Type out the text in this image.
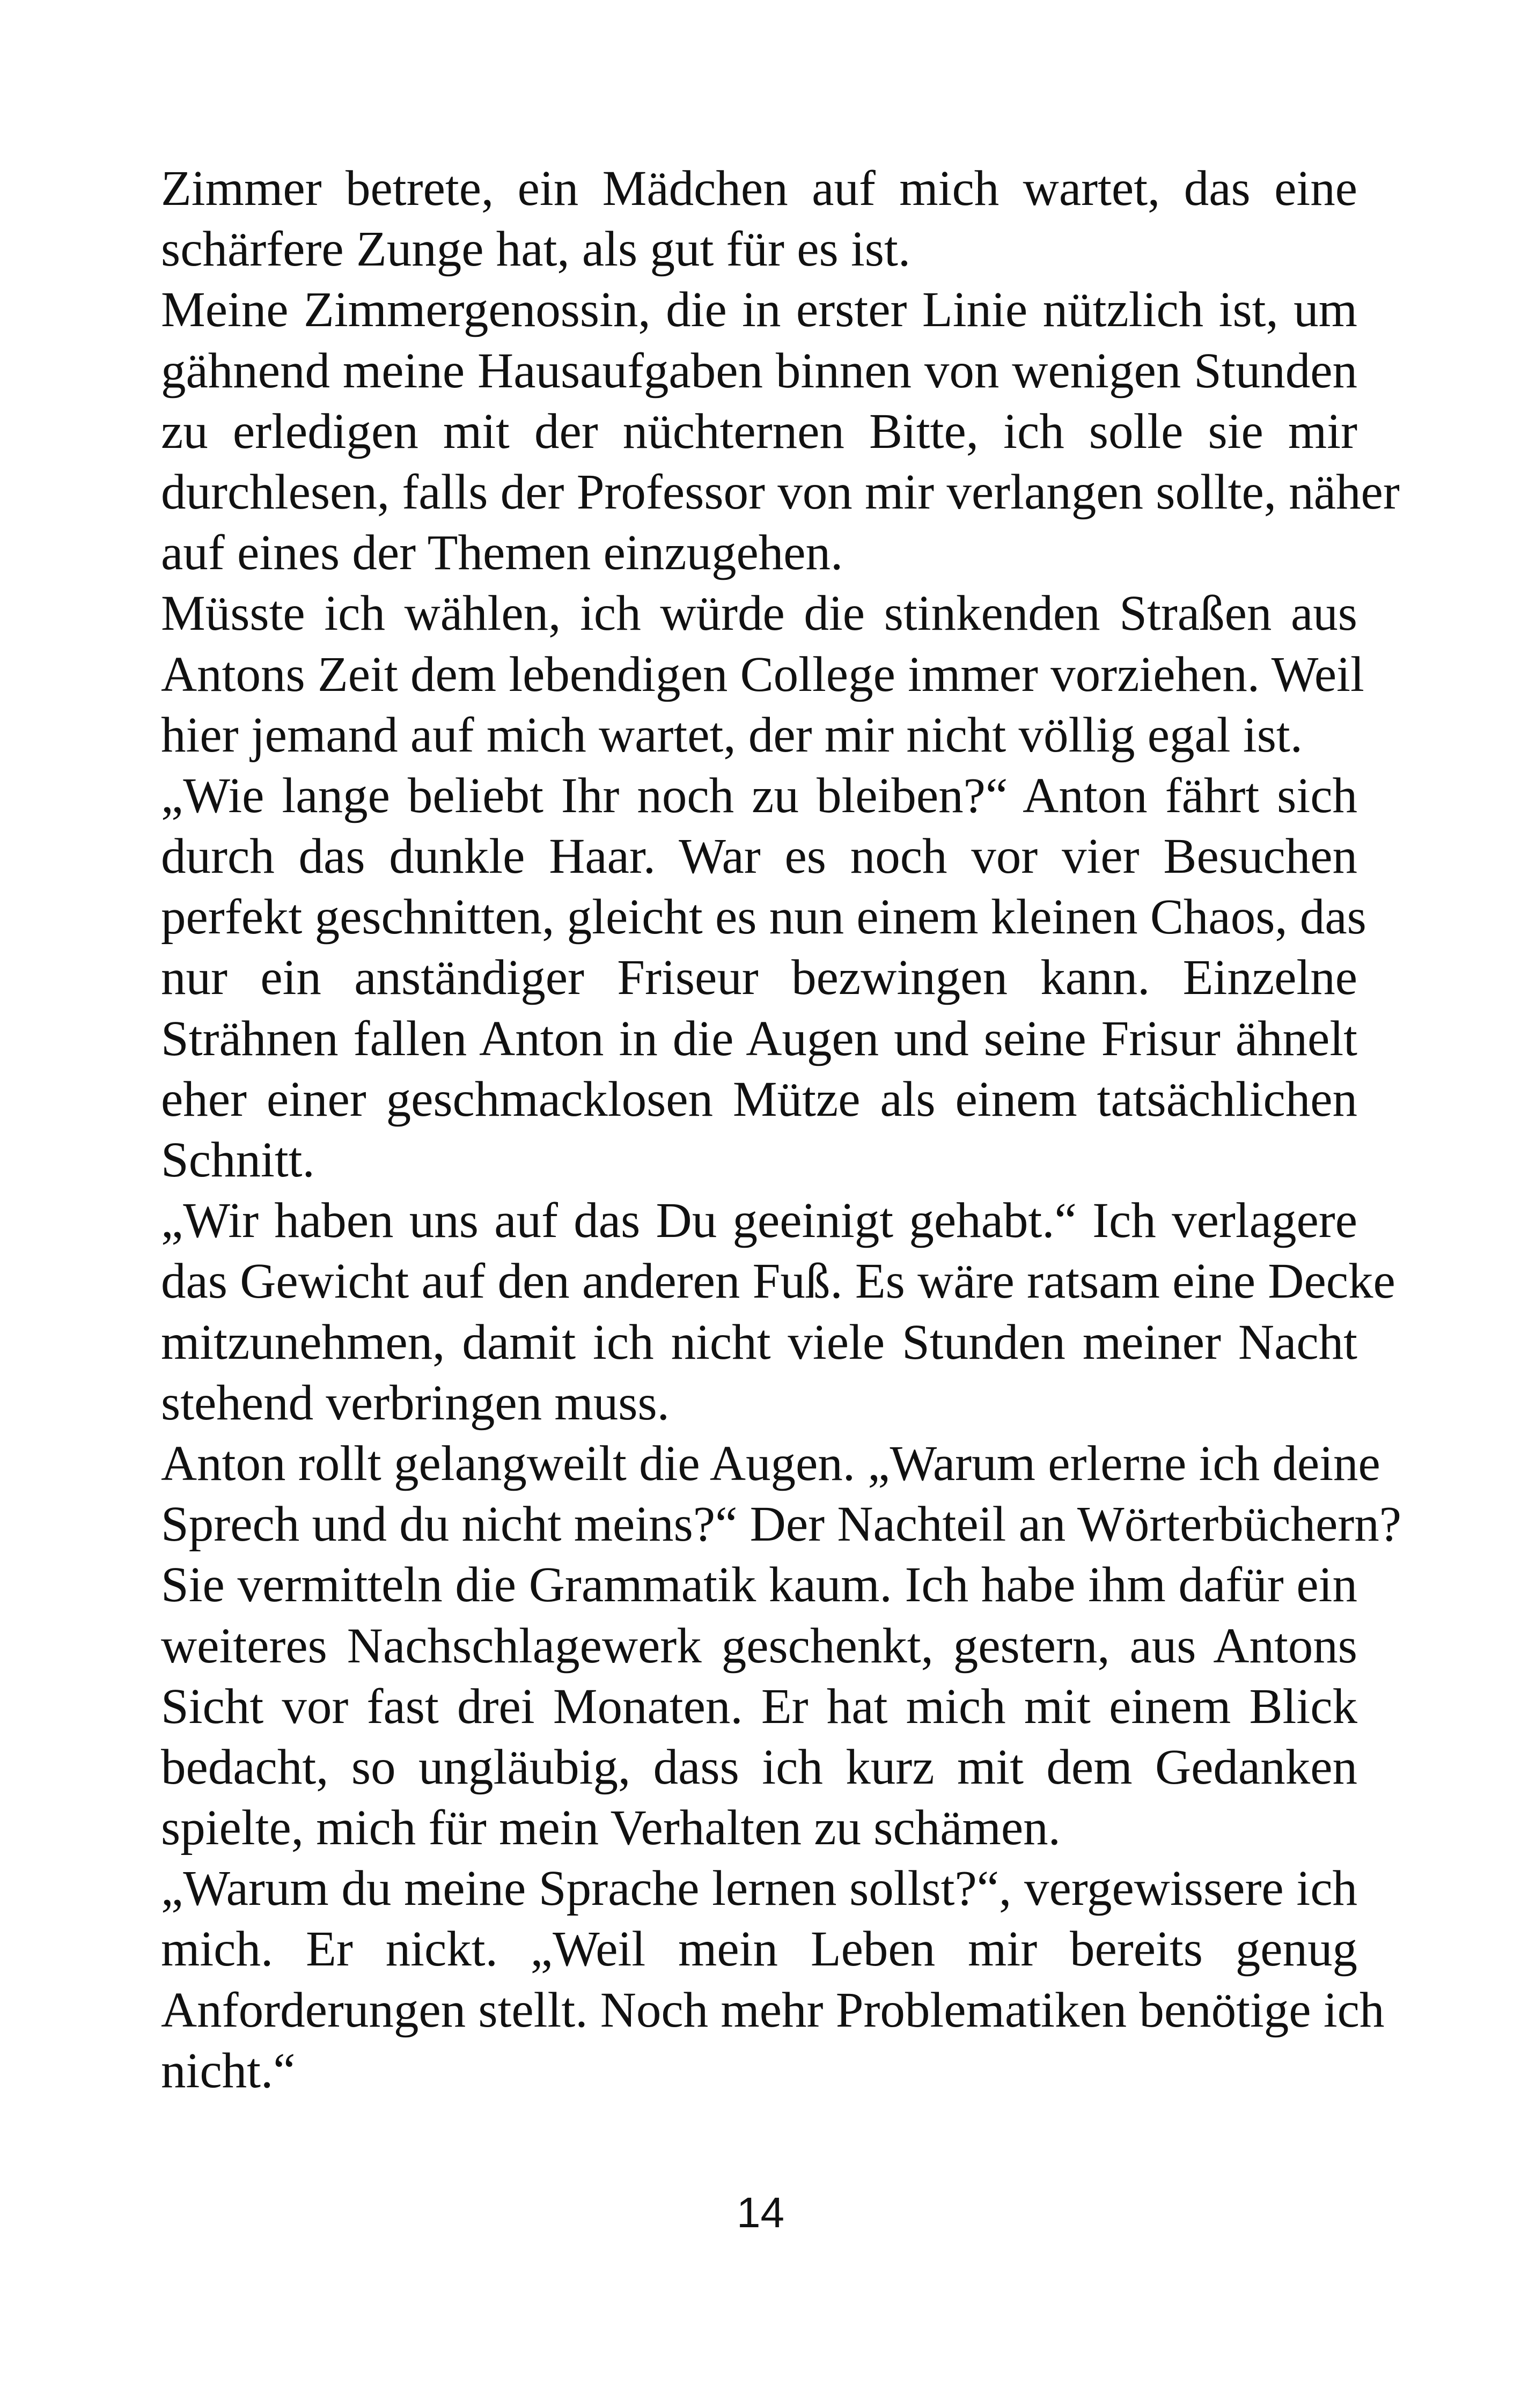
Zimmer betrete, ein Mädchen auf mich wartet, das eine
schärfere Zunge hat, als gut für es ist.
Meine Zimmergenossin, die in erster Linie nützlich ist, um
gähnend meine Hausaufgaben binnen von wenigen Stunden
zu erledigen mit der nüchternen Bitte, ich solle sie mir
durchlesen, falls der Professor von mir verlangen sollte, näher
auf eines der Themen einzugehen.
Müsste ich wählen, ich würde die stinkenden Straßen aus
Antons Zeit dem lebendigen College immer vorziehen. Weil
hier jemand auf mich wartet, der mir nicht völlig egal ist.
„Wie lange beliebt Ihr noch zu bleiben?“ Anton fährt sich
durch das dunkle Haar. War es noch vor vier Besuchen
perfekt geschnitten, gleicht es nun einem kleinen Chaos, das
nur ein anständiger Friseur bezwingen kann. Einzelne
Strähnen fallen Anton in die Augen und seine Frisur ähnelt
eher einer geschmacklosen Mütze als einem tatsächlichen
Schnitt.
„Wir haben uns auf das Du geeinigt gehabt.“ Ich verlagere
das Gewicht auf den anderen Fuß. Es wäre ratsam eine Decke
mitzunehmen, damit ich nicht viele Stunden meiner Nacht
stehend verbringen muss.
Anton rollt gelangweilt die Augen. „Warum erlerne ich deine
Sprech und du nicht meins?“ Der Nachteil an Wörterbüchern?
Sie vermitteln die Grammatik kaum. Ich habe ihm dafür ein
weiteres Nachschlagewerk geschenkt, gestern, aus Antons
Sicht vor fast drei Monaten. Er hat mich mit einem Blick
bedacht, so ungläubig, dass ich kurz mit dem Gedanken
spielte, mich für mein Verhalten zu schämen.
„Warum du meine Sprache lernen sollst?“, vergewissere ich
mich. Er nickt. „Weil mein Leben mir bereits genug
Anforderungen stellt. Noch mehr Problematiken benötige ich
nicht.“
14
